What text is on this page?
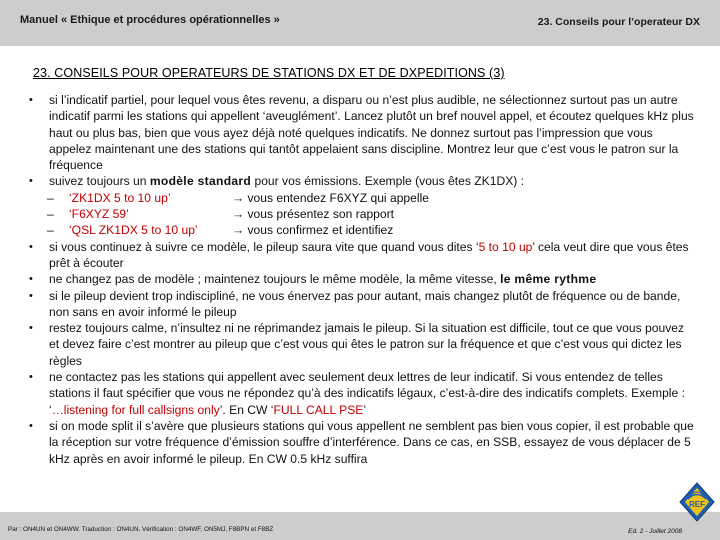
Manuel « Ethique et procédures opérationnelles »	23. Conseils pour l’operateur DX
23. CONSEILS POUR OPERATEURS DE STATIONS DX ET DE DXPEDITIONS (3)
•	si l’indicatif partiel, pour lequel vous êtes revenu, a disparu ou n’est plus audible, ne sélectionnez surtout pas un autre indicatif parmi les stations qui appellent ‘aveuglément’. Lancez plutôt un bref nouvel appel, et écoutez quelques kHz plus haut ou plus bas, bien que vous ayez déjà noté quelques indicatifs. Ne donnez surtout pas l’impression que vous appelez maintenant une des stations qui tantôt appelaient sans discipline. Montrez leur que c’est vous le patron sur la fréquence
•	suivez toujours un modèle standard pour vos émissions. Exemple (vous êtes ZK1DX) :
– ‘ZK1DX 5 to 10 up’	→ vous entendez F6XYZ qui appelle
– ‘F6XYZ 59’	→ vous présentez son rapport
– ‘QSL ZK1DX 5 to 10 up’	→ vous confirmez et identifiez
•	si vous continuez à suivre ce modèle, le pileup saura vite que quand vous dites ‘5 to 10 up’ cela veut dire que vous êtes prêt à écouter
•	ne changez pas de modèle ; maintenez toujours le même modèle, la même vitesse, le même rythme
•	si le pileup devient trop indiscipliné, ne vous énervez pas pour autant, mais changez plutôt de fréquence ou de bande, non sans en avoir informé le pileup
•	restez toujours calme, n’insultez ni ne réprimandez jamais le pileup. Si la situation est difficile, tout ce que vous pouvez et devez faire c’est montrer au pileup que c’est vous qui êtes le patron sur la fréquence et que c’est vous qui dictez les règles
•	ne contactez pas les stations qui appellent avec seulement deux lettres de leur indicatif. Si vous entendez de telles stations il faut spécifier que vous ne répondez qu’à des indicatifs légaux, c’est-à-dire des indicatifs complets. Exemple : ‘…listening for full callsigns only’. En CW ‘FULL CALL PSE’
•	si on mode split il s’avère que plusieurs stations qui vous appellent ne semblent pas bien vous copier, il est probable que la réception sur votre fréquence d’émission souffre d’interférence. Dans ce cas, en SSB, essayez de vous déplacer de 5 kHz après en avoir informé le pileup. En CW 0.5 kHz suffira
Par : ON4UN et ON4WW. Traduction : ON4UN. Vérification : ON4WF, ON5MJ, F8BPN et F8BZ	Ed. 2 - Juillet 2008
REF
